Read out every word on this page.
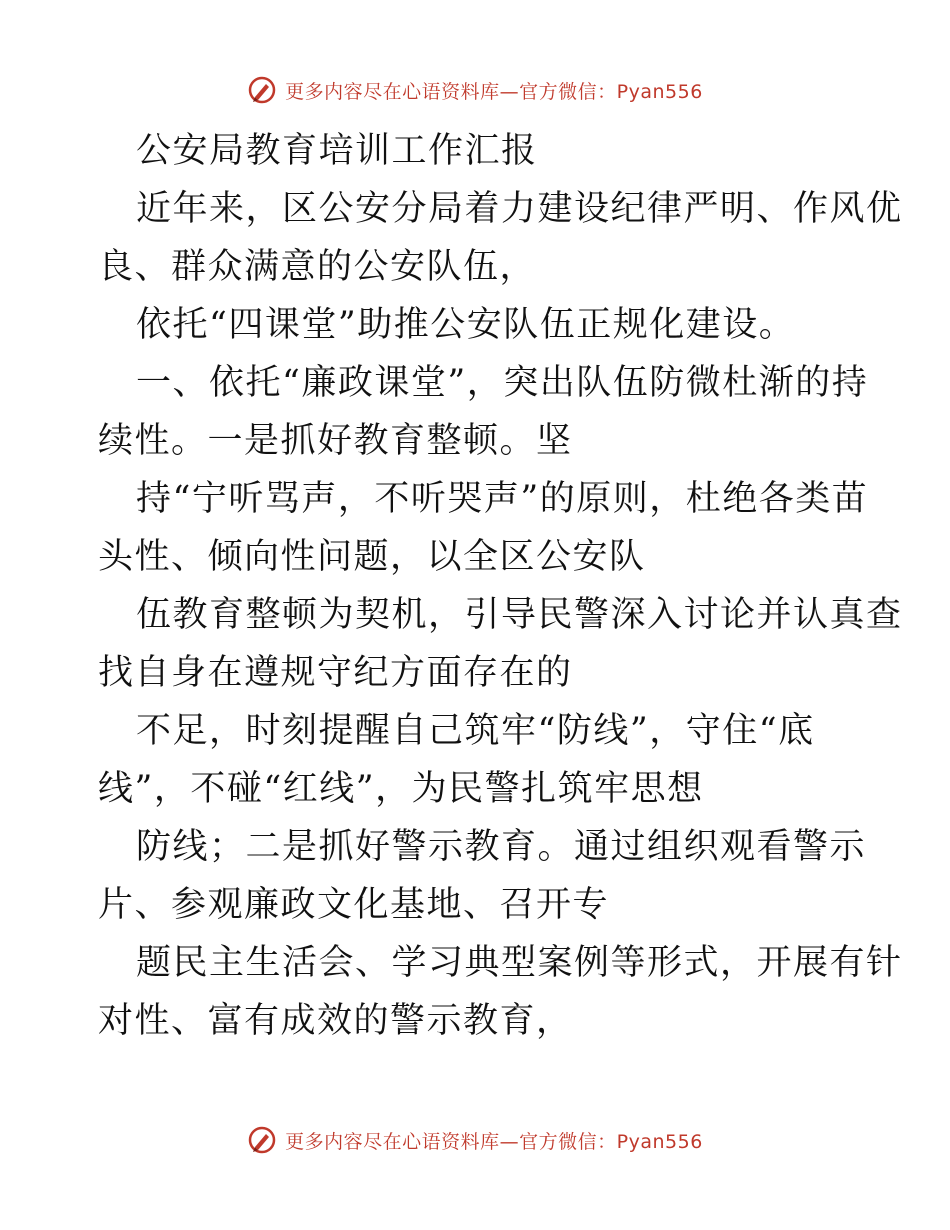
更多内容尽在心语资料库—官方微信：Pyan556
公安局教育培训工作汇报
近年来，区公安分局着力建设纪律严明、作风优
良、群众满意的公安队伍，
依托“四课堂”助推公安队伍正规化建设。
一、依托“廉政课堂”，突出队伍防微杜渐的持
续性。一是抓好教育整顿。坚
持“宁听骂声，不听哭声”的原则，杜绝各类苗
头性、倾向性问题，以全区公安队
伍教育整顿为契机，引导民警深入讨论并认真查
找自身在遵规守纪方面存在的
不足，时刻提醒自己筑牢“防线”，守住“底
线”，不碰“红线”，为民警扎筑牢思想
防线；二是抓好警示教育。通过组织观看警示
片、参观廉政文化基地、召开专
题民主生活会、学习典型案例等形式，开展有针
对性、富有成效的警示教育，
更多内容尽在心语资料库—官方微信：Pyan556
